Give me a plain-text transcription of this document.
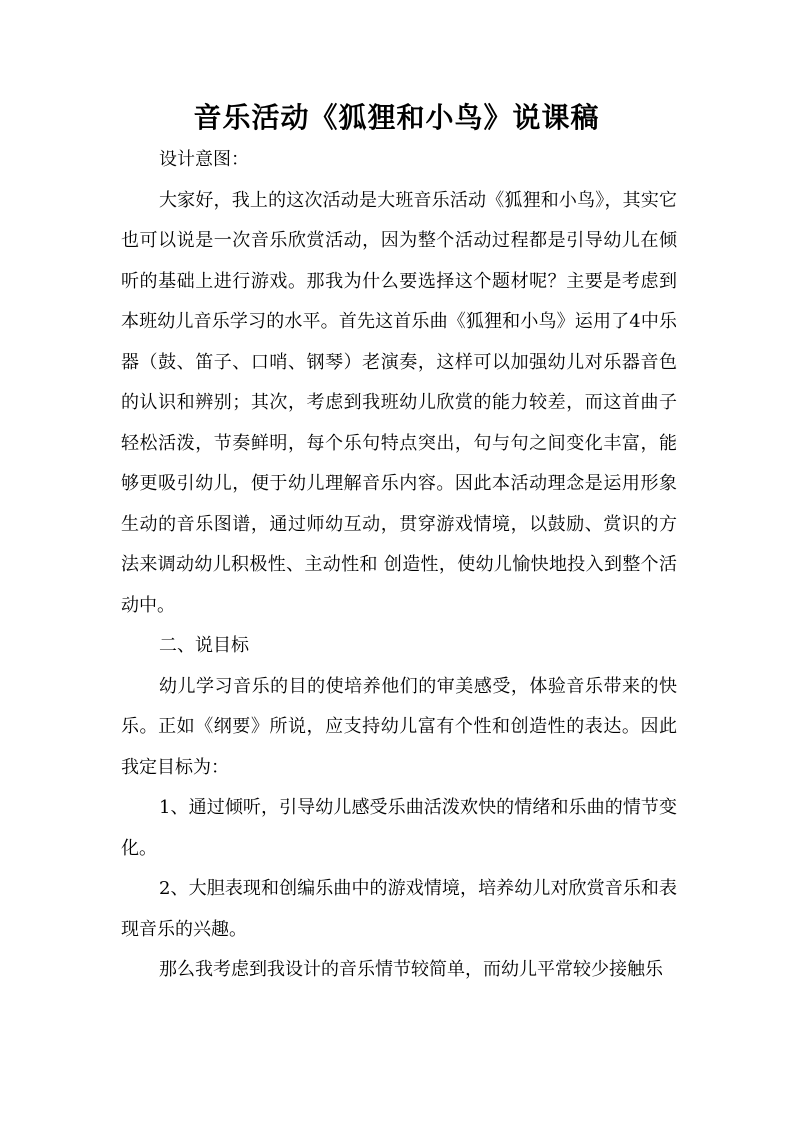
音乐活动《狐狸和小鸟》说课稿

设计意图：

大家好，我上的这次活动是大班音乐活动《狐狸和小鸟》，其实它也可以说是一次音乐欣赏活动，因为整个活动过程都是引导幼儿在倾听的基础上进行游戏。那我为什么要选择这个题材呢？主要是考虑到本班幼儿音乐学习的水平。首先这首乐曲《狐狸和小鸟》运用了4中乐器（鼓、笛子、口哨、钢琴）老演奏，这样可以加强幼儿对乐器音色的认识和辨别；其次，考虑到我班幼儿欣赏的能力较差，而这首曲子轻松活泼，节奏鲜明，每个乐句特点突出，句与句之间变化丰富，能够更吸引幼儿，便于幼儿理解音乐内容。因此本活动理念是运用形象生动的音乐图谱，通过师幼互动，贯穿游戏情境，以鼓励、赏识的方法来调动幼儿积极性、主动性和 创造性，使幼儿愉快地投入到整个活动中。

二、说目标

幼儿学习音乐的目的使培养他们的审美感受，体验音乐带来的快乐。正如《纲要》所说，应支持幼儿富有个性和创造性的表达。因此我定目标为：

1、通过倾听，引导幼儿感受乐曲活泼欢快的情绪和乐曲的情节变化。

2、大胆表现和创编乐曲中的游戏情境，培养幼儿对欣赏音乐和表现音乐的兴趣。

那么我考虑到我设计的音乐情节较简单，而幼儿平常较少接触乐
